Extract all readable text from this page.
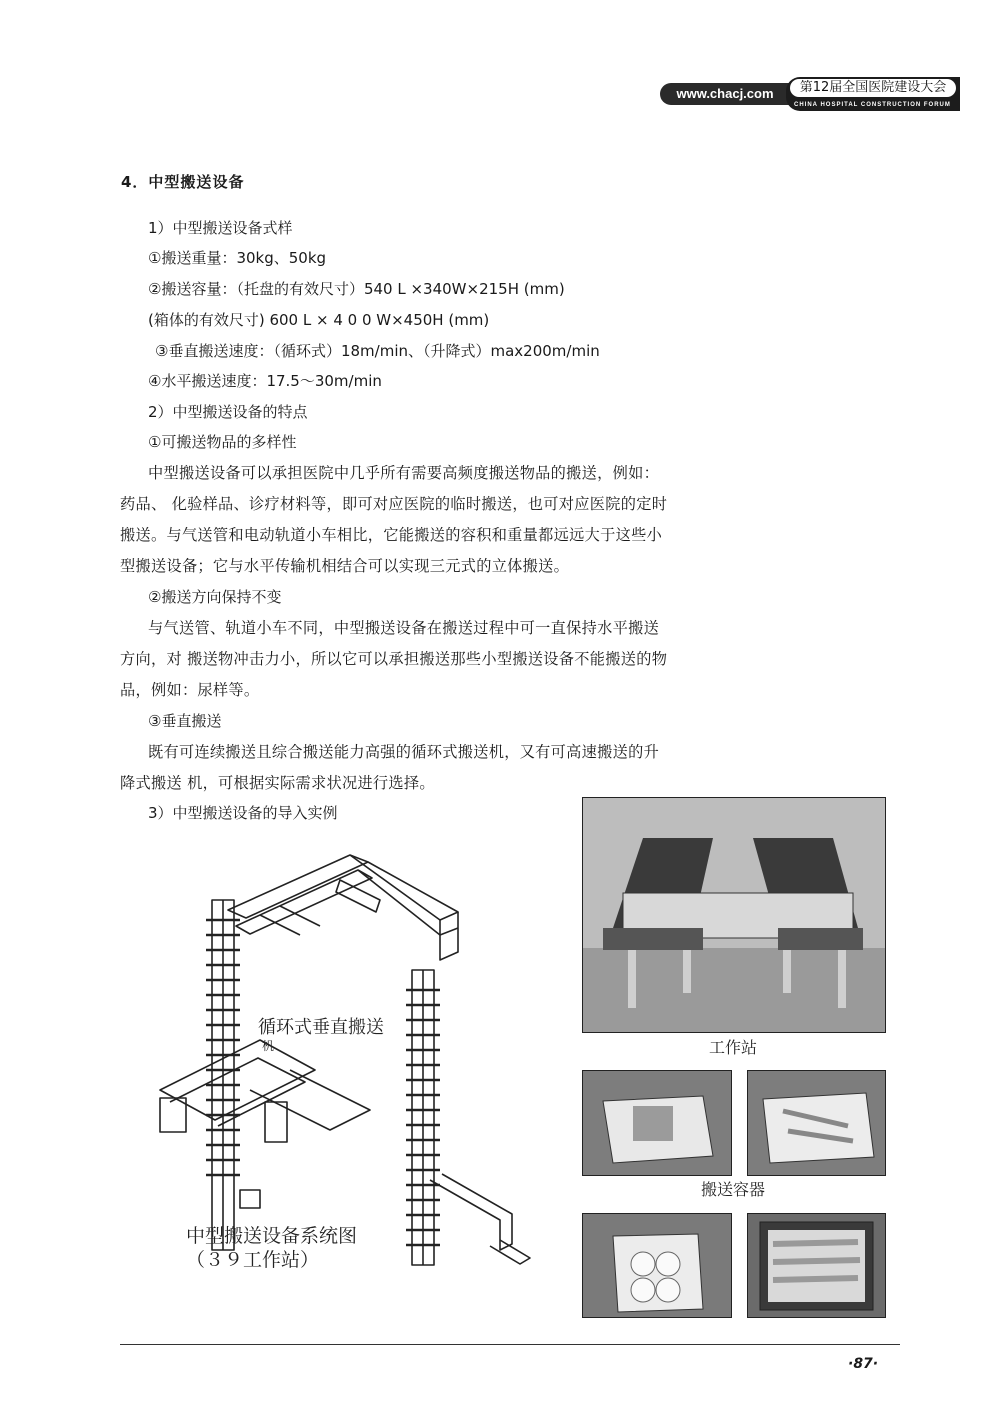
www.chacj.com	第12届全国医院建设大会
CHINA HOSPITAL CONSTRUCTION FORUM
4．中型搬送设备
1）中型搬送设备式样
①搬送重量：30kg、50kg
②搬送容量：（托盘的有效尺寸）540 L ×340W×215H (mm)
(箱体的有效尺寸) 600 L × 4 0 0 W×450H (mm)
③垂直搬送速度：（循环式）18m/min、（升降式）max200m/min
④水平搬送速度：17.5～30m/min
2）中型搬送设备的特点
①可搬送物品的多样性
中型搬送设备可以承担医院中几乎所有需要高频度搬送物品的搬送，例如：
药品、 化验样品、诊疗材料等，即可对应医院的临时搬送，也可对应医院的定时
搬送。与气送管和电动轨道小车相比，它能搬送的容积和重量都远远大于这些小
型搬送设备；它与水平传输机相结合可以实现三元式的立体搬送。
②搬送方向保持不变
与气送管、轨道小车不同，中型搬送设备在搬送过程中可一直保持水平搬送
方向，对 搬送物冲击力小，所以它可以承担搬送那些小型搬送设备不能搬送的物
品，例如：尿样等。
③垂直搬送
既有可连续搬送且综合搬送能力高强的循环式搬送机，又有可高速搬送的升
降式搬送 机，可根据实际需求状况进行选择。
3）中型搬送设备的导入实例
循环式垂直搬送
机
中型搬送设备系统图
（３９工作站）
工作站
搬送容器
·87·
